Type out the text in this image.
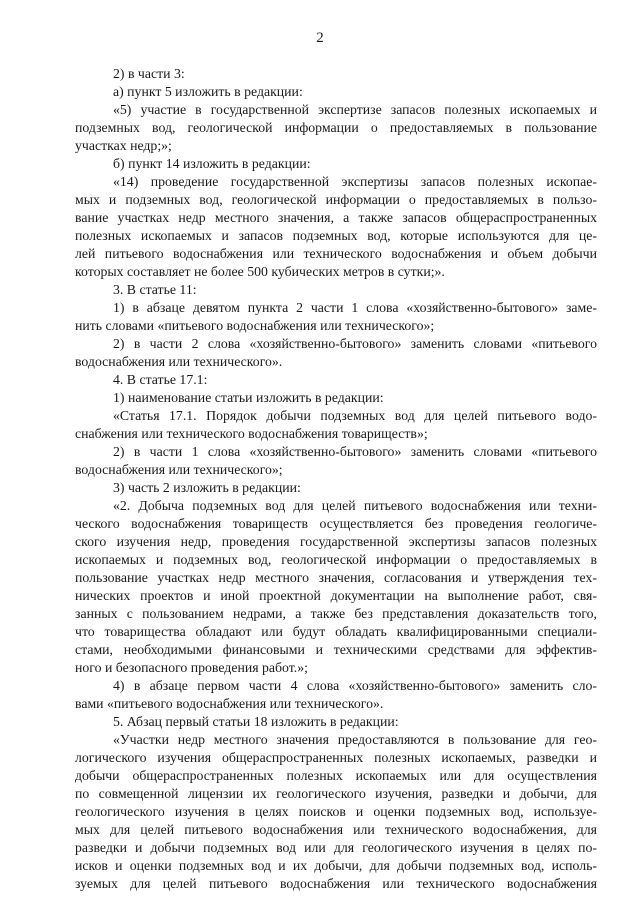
2
2) в части 3:
а) пункт 5 изложить в редакции:
«5) участие в государственной экспертизе запасов полезных ископаемых и
подземных вод, геологической информации о предоставляемых в пользование
участках недр;»;
б) пункт 14 изложить в редакции:
«14) проведение государственной экспертизы запасов полезных ископае-
мых и подземных вод, геологической информации о предоставляемых в пользо-
вание участках недр местного значения, а также запасов общераспространенных
полезных ископаемых и запасов подземных вод, которые используются для це-
лей питьевого водоснабжения или технического водоснабжения и объем добычи
которых составляет не более 500 кубических метров в сутки;».
3. В статье 11:
1) в абзаце девятом пункта 2 части 1 слова «хозяйственно-бытового» заме-
нить словами «питьевого водоснабжения или технического»;
2) в части 2 слова «хозяйственно-бытового» заменить словами «питьевого
водоснабжения или технического».
4. В статье 17.1:
1) наименование статьи изложить в редакции:
«Статья 17.1. Порядок добычи подземных вод для целей питьевого водо-
снабжения или технического водоснабжения товариществ»;
2) в части 1 слова «хозяйственно-бытового» заменить словами «питьевого
водоснабжения или технического»;
3) часть 2 изложить в редакции:
«2. Добыча подземных вод для целей питьевого водоснабжения или техни-
ческого водоснабжения товариществ осуществляется без проведения геологиче-
ского изучения недр, проведения государственной экспертизы запасов полезных
ископаемых и подземных вод, геологической информации о предоставляемых в
пользование участках недр местного значения, согласования и утверждения тех-
нических проектов и иной проектной документации на выполнение работ, свя-
занных с пользованием недрами, а также без представления доказательств того,
что товарищества обладают или будут обладать квалифицированными специали-
стами, необходимыми финансовыми и техническими средствами для эффектив-
ного и безопасного проведения работ.»;
4) в абзаце первом части 4 слова «хозяйственно-бытового» заменить сло-
вами «питьевого водоснабжения или технического».
5. Абзац первый статьи 18 изложить в редакции:
«Участки недр местного значения предоставляются в пользование для гео-
логического изучения общераспространенных полезных ископаемых, разведки и
добычи общераспространенных полезных ископаемых или для осуществления
по совмещенной лицензии их геологического изучения, разведки и добычи, для
геологического изучения в целях поисков и оценки подземных вод, используе-
мых для целей питьевого водоснабжения или технического водоснабжения, для
разведки и добычи подземных вод или для геологического изучения в целях по-
исков и оценки подземных вод и их добычи, для добычи подземных вод, исполь-
зуемых для целей питьевого водоснабжения или технического водоснабжения
